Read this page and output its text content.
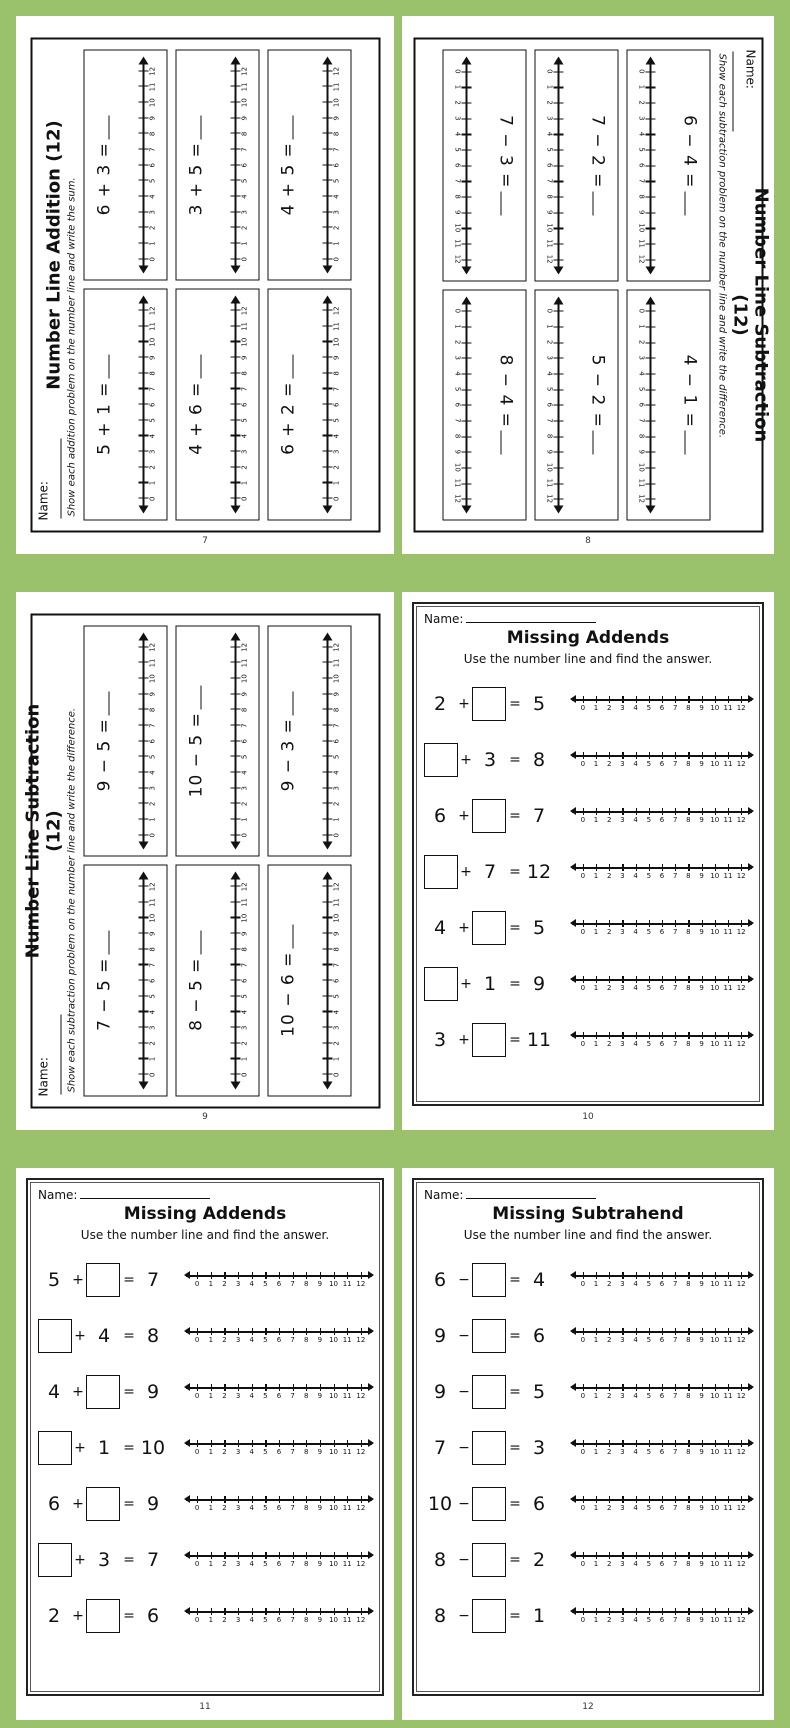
Name:
Number Line Addition (12) Show each addition problem on the number line and write the sum. 5 + 1 =
0
1
2
3
4
5
6
7
8
9
10
11
12
6 + 3 =
0
1
2
3
4
5
6
7
8
9
10
11
12
4 + 6 =
0
1
2
3
4
5
6
7
8
9
10
11
12
3 + 5 =
0
1
2
3
4
5
6
7
8
9
10
11
12
6 + 2 =
0
1
2
3
4
5
6
7
8
9
10
11
12
4 + 5 =
0
1
2
3
4
5
6
7
8
9
10
11
12
7
Name:
Number Line Subtraction (12)
Show each subtraction problem on the number line and write the difference.
6 − 4 =
0
1
2
3
4
5
6
7
8
9
10
11
12
4 − 1 =
0
1
2
3
4
5
6
7
8
9
10
11
12
7 − 2 =
0
1
2
3
4
5
6
7
8
9
10
11
12
5 − 2 =
0
1
2
3
4
5
6
7
8
9
10
11
12
7 − 3 =
0
1
2
3
4
5
6
7
8
9
10
11
12
8 − 4 =
0
1
2
3
4
5
6
7
8
9
10
11
12
8
Name:
Number Line Subtraction (12) Show each subtraction problem on the number line and write the difference. 7 − 5 =
0
1
2
3
4
5
6
7
8
9
10
11
12
9 − 5 =
0
1
2
3
4
5
6
7
8
9
10
11
12
8 − 5 =
0
1
2
3
4
5
6
7
8
9
10
11
12
10 − 5 =
0
1
2
3
4
5
6
7
8
9
10
11
12
10 − 6 =
0
1
2
3
4
5
6
7
8
9
10
11
12
9 − 3 =
0
1
2
3
4
5
6
7
8
9
10
11
12
9
Name:
Missing Addends
Use the number line and find the answer.
2 +	= 5	0 1 2 3 4 5 6 7 8 9 10 11 12
+ 3 = 8	0 1 2 3 4 5 6 7 8 9 10 11 12
6 +	= 7	0 1 2 3 4 5 6 7 8 9 10 11 12
+ 7 = 12	0 1 2 3 4 5 6 7 8 9 10 11 12
4 +	= 5	0 1 2 3 4 5 6 7 8 9 10 11 12
+ 1 = 9	0 1 2 3 4 5 6 7 8 9 10 11 12
3 +	= 11	0 1 2 3 4 5 6 7 8 9 10 11 12
10
Name:
Missing Addends
Use the number line and find the answer.
5 +	= 7	0 1 2 3 4 5 6 7 8 9 10 11 12
+ 4 = 8	0 1 2 3 4 5 6 7 8 9 10 11 12
4 +	= 9	0 1 2 3 4 5 6 7 8 9 10 11 12
+ 1 = 10	0 1 2 3 4 5 6 7 8 9 10 11 12
6 +	= 9	0 1 2 3 4 5 6 7 8 9 10 11 12
+ 3 = 7	0 1 2 3 4 5 6 7 8 9 10 11 12
2 +	= 6	0 1 2 3 4 5 6 7 8 9 10 11 12
11
Name:
Missing Subtrahend
Use the number line and find the answer.
6 −	= 4	0 1 2 3 4 5 6 7 8 9 10 11 12
9 −	= 6	0 1 2 3 4 5 6 7 8 9 10 11 12
9 −	= 5	0 1 2 3 4 5 6 7 8 9 10 11 12
7 −	= 3	0 1 2 3 4 5 6 7 8 9 10 11 12
10 −	= 6	0 1 2 3 4 5 6 7 8 9 10 11 12
8 −	= 2	0 1 2 3 4 5 6 7 8 9 10 11 12
8 −	= 1	0 1 2 3 4 5 6 7 8 9 10 11 12
12
